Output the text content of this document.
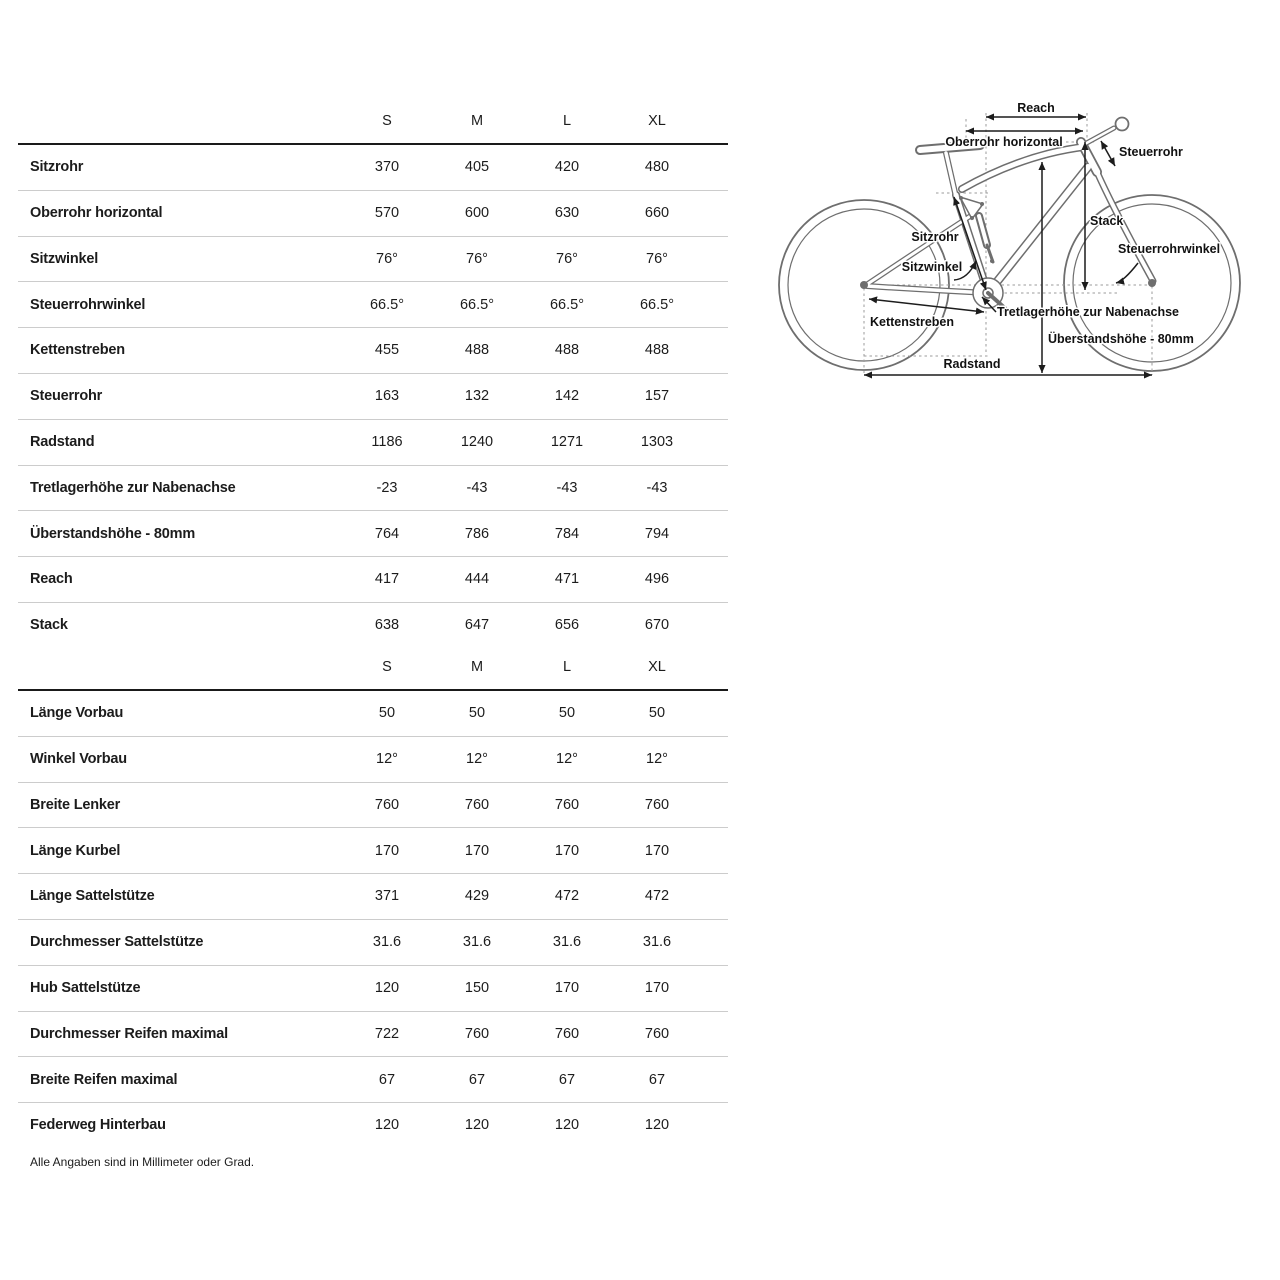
S	M	L	XL
Sitzrohr	370	405	420	480
Oberrohr horizontal	570	600	630	660
Sitzwinkel	76°	76°	76°	76°
Steuerrohrwinkel	66.5°	66.5°	66.5°	66.5°
Kettenstreben	455	488	488	488
Steuerrohr	163	132	142	157
Radstand	1186	1240	1271	1303
Tretlagerhöhe zur Nabenachse	-23	-43	-43	-43
Überstandshöhe - 80mm	764	786	784	794
Reach	417	444	471	496
Stack	638	647	656	670
S	M	L	XL
Länge Vorbau	50	50	50	50
Winkel Vorbau	12°	12°	12°	12°
Breite Lenker	760	760	760	760
Länge Kurbel	170	170	170	170
Länge Sattelstütze	371	429	472	472
Durchmesser Sattelstütze	31.6	31.6	31.6	31.6
Hub Sattelstütze	120	150	170	170
Durchmesser Reifen maximal	722	760	760	760
Breite Reifen maximal	67	67	67	67
Federweg Hinterbau	120	120	120	120
Alle Angaben sind in Millimeter oder Grad.
Reach
Oberrohr horizontal
Steuerrohr
Stack
Steuerrohrwinkel
Sitzrohr
Sitzwinkel
Kettenstreben
Tretlagerhöhe zur Nabenachse
Überstandshöhe - 80mm
Radstand
